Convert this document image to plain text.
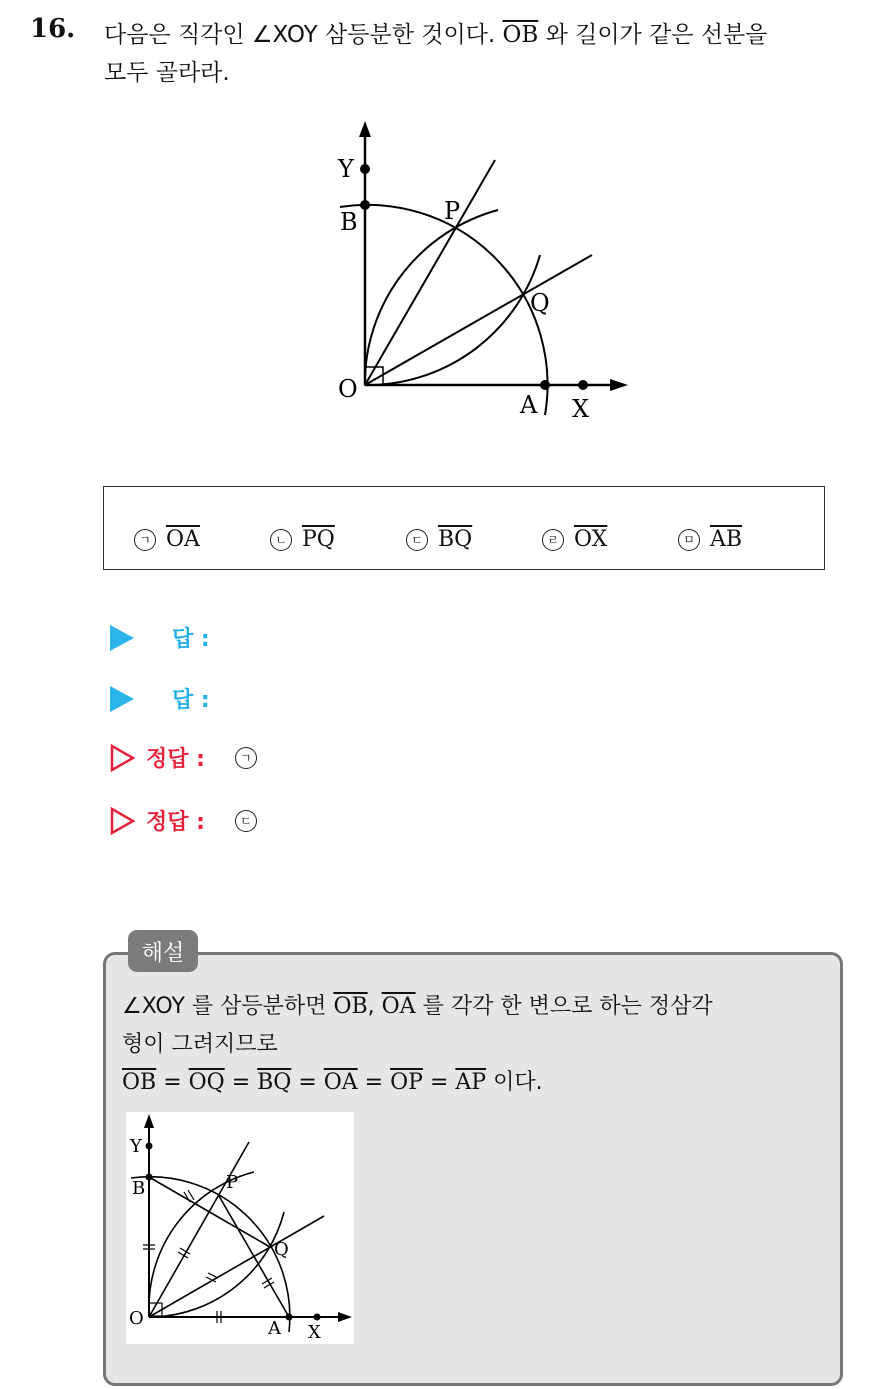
16. 다음은 직각인 ∠XOY 삼등분한 것이다. $\overline{OB}$ 와 길이가 같은 선분을
모두 골라라.
Y
B	P
Q
O
A X
ㄱ $\overline{OA}$	ㄴ $\overline{PQ}$	ㄷ $\overline{BQ}$	ㄹ $\overline{OX}$	ㅁ $\overline{AB}$
답 :
답 :
정답 :	ㄱ
정답 :	ㄷ
해설
∠XOY 를 삼등분하면 $\overline{OB}$, $\overline{OA}$ 를 각각 한 변으로 하는 정삼각
형이 그려지므로
$\overline{OB} = \overline{OQ} = \overline{BQ} = \overline{OA} = \overline{OP} = \overline{AP}$ 이다.
Y
B	P
Q
O	A X
